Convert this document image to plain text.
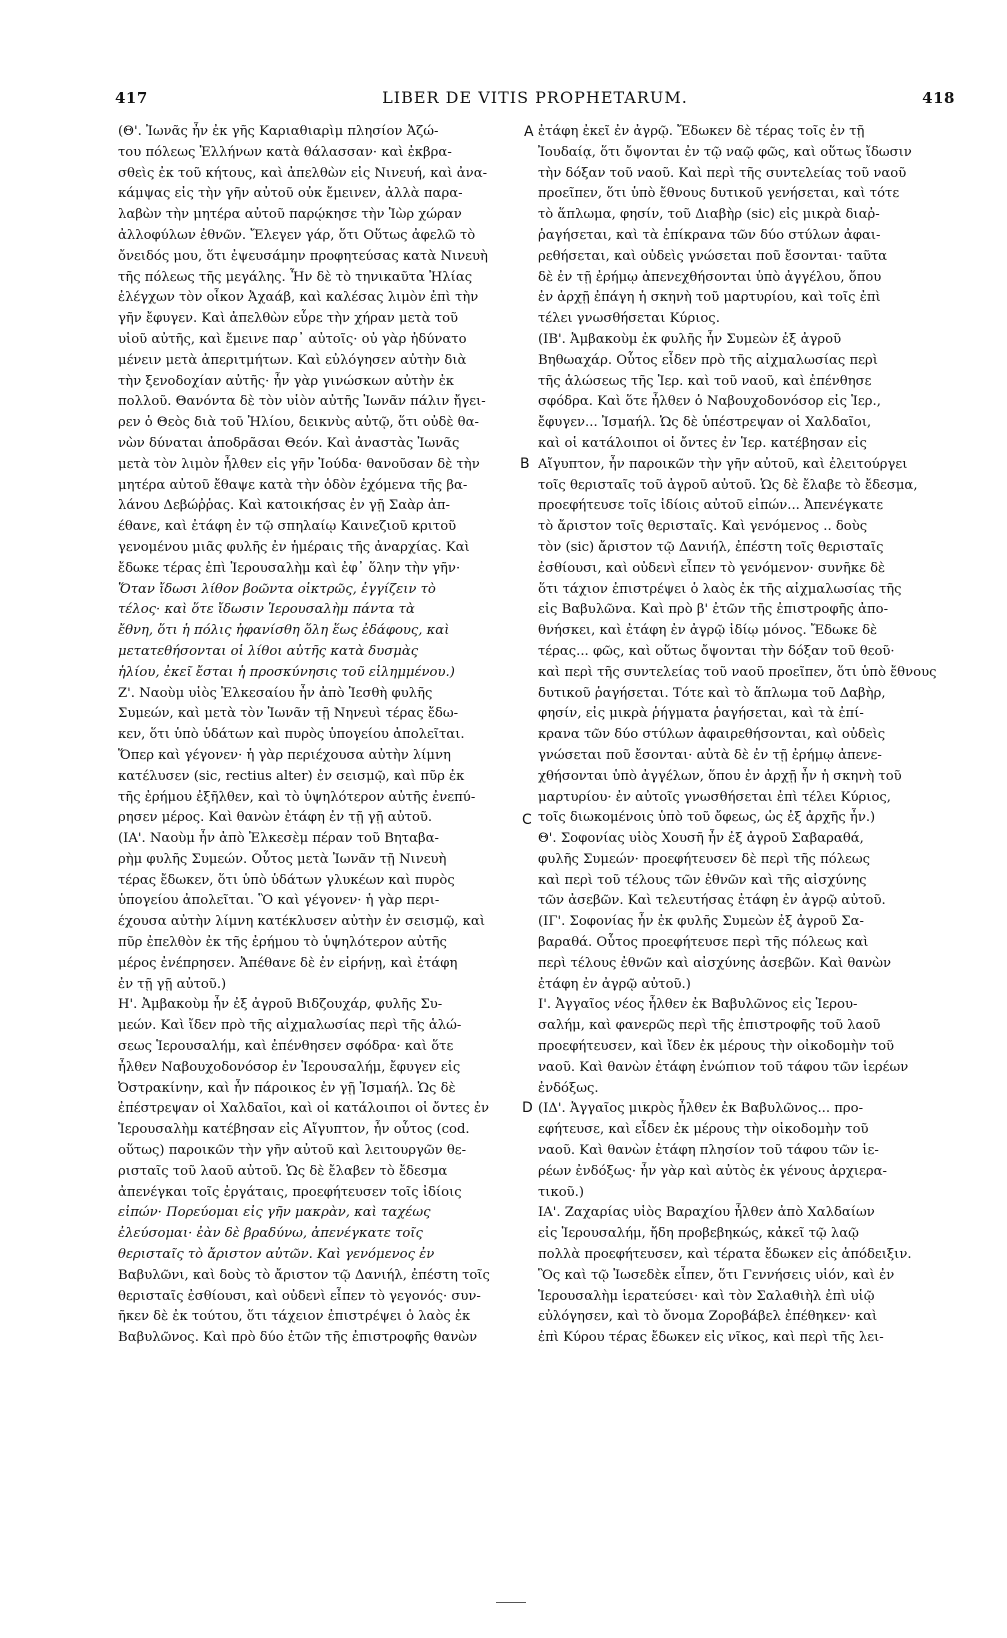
417	LIBER DE VITIS PROPHETARUM.	418
(Θ'. Ἰωνᾶς ἦν ἐκ γῆς Καριαθιαρὶμ πλησίον Ἀζώ-
του πόλεως Ἑλλήνων κατὰ θάλασσαν· καὶ ἐκβρα-
σθεὶς ἐκ τοῦ κήτους, καὶ ἀπελθὼν εἰς Νινευή, καὶ ἀνα-
κάμψας εἰς τὴν γῆν αὐτοῦ οὐκ ἔμεινεν, ἀλλὰ παρα-
λαβὼν τὴν μητέρα αὐτοῦ παρῴκησε τὴν Ἰὼρ χώραν
ἀλλοφύλων ἐθνῶν. Ἔλεγεν γάρ, ὅτι Οὕτως ἀφελῶ τὸ
ὄνειδός μου, ὅτι ἐψευσάμην προφητεύσας κατὰ Νινευὴ
τῆς πόλεως τῆς μεγάλης. Ἦν δὲ τὸ τηνικαῦτα Ἠλίας
ἐλέγχων τὸν οἶκον Ἀχαάβ, καὶ καλέσας λιμὸν ἐπὶ τὴν
γῆν ἔφυγεν. Καὶ ἀπελθὼν εὗρε τὴν χήραν μετὰ τοῦ
υἱοῦ αὐτῆς, καὶ ἔμεινε παρ᾽ αὐτοῖς· οὐ γὰρ ἠδύνατο
μένειν μετὰ ἀπεριτμήτων. Καὶ εὐλόγησεν αὐτὴν διὰ
τὴν ξενοδοχίαν αὐτῆς· ἦν γὰρ γινώσκων αὐτὴν ἐκ
πολλοῦ. Θανόντα δὲ τὸν υἱὸν αὐτῆς Ἰωνᾶν πάλιν ἤγει-
ρεν ὁ Θεὸς διὰ τοῦ Ἠλίου, δεικνὺς αὐτῷ, ὅτι οὐδὲ θα-
νὼν δύναται ἀποδρᾶσαι Θεόν. Καὶ ἀναστὰς Ἰωνᾶς
μετὰ τὸν λιμὸν ἦλθεν εἰς γῆν Ἰούδα· θανοῦσαν δὲ τὴν
μητέρα αὐτοῦ ἔθαψε κατὰ τὴν ὁδὸν ἐχόμενα τῆς βα-
λάνου Δεβώῤῥας. Καὶ κατοικήσας ἐν γῇ Σαὰρ ἀπ-
έθανε, καὶ ἐτάφη ἐν τῷ σπηλαίῳ Καινεζιοῦ κριτοῦ
γενομένου μιᾶς φυλῆς ἐν ἡμέραις τῆς ἀναρχίας. Καὶ
ἔδωκε τέρας ἐπὶ Ἱερουσαλὴμ καὶ ἐφ᾽ ὅλην τὴν γῆν·
Ὅταν ἴδωσι λίθον βοῶντα οἰκτρῶς, ἐγγίζειν τὸ
τέλος· καὶ ὅτε ἴδωσιν Ἱερουσαλὴμ πάντα τὰ
ἔθνη, ὅτι ἡ πόλις ἠφανίσθη ὅλη ἕως ἐδάφους, καὶ
μετατεθήσονται οἱ λίθοι αὐτῆς κατὰ δυσμὰς
ἡλίου, ἐκεῖ ἔσται ἡ προσκύνησις τοῦ εἰλημμένου.)
Ζ'. Ναοὺμ υἱὸς Ἐλκεσαίου ἦν ἀπὸ Ἰεσθὴ φυλῆς
Συμεών, καὶ μετὰ τὸν Ἰωνᾶν τῇ Νηνευὶ τέρας ἔδω-
κεν, ὅτι ὑπὸ ὑδάτων καὶ πυρὸς ὑπογείου ἀπολεῖται.
Ὅπερ καὶ γέγονεν· ἡ γὰρ περιέχουσα αὐτὴν λίμνη
κατέλυσεν (sic, rectius alter) ἐν σεισμῷ, καὶ πῦρ ἐκ
τῆς ἐρήμου ἐξῆλθεν, καὶ τὸ ὑψηλότερον αὐτῆς ἐνεπύ-
ρησεν μέρος. Καὶ θανὼν ἐτάφη ἐν τῇ γῇ αὐτοῦ.
(ΙΑ'. Ναοὺμ ἦν ἀπὸ Ἐλκεσὲμ πέραν τοῦ Βηταβα-
ρὴμ φυλῆς Συμεών. Οὗτος μετὰ Ἰωνᾶν τῇ Νινευὴ
τέρας ἔδωκεν, ὅτι ὑπὸ ὑδάτων γλυκέων καὶ πυρὸς
ὑπογείου ἀπολεῖται. Ὃ καὶ γέγονεν· ἡ γὰρ περι-
έχουσα αὐτὴν λίμνη κατέκλυσεν αὐτὴν ἐν σεισμῷ, καὶ
πῦρ ἐπελθὸν ἐκ τῆς ἐρήμου τὸ ὑψηλότερον αὐτῆς
μέρος ἐνέπρησεν. Ἀπέθανε δὲ ἐν εἰρήνῃ, καὶ ἐτάφη
ἐν τῇ γῇ αὐτοῦ.)
Η'. Ἀμβακοὺμ ἦν ἐξ ἀγροῦ Βιδζουχάρ, φυλῆς Συ-
μεών. Καὶ ἴδεν πρὸ τῆς αἰχμαλωσίας περὶ τῆς ἁλώ-
σεως Ἱερουσαλήμ, καὶ ἐπένθησεν σφόδρα· καὶ ὅτε
ἦλθεν Ναβουχοδονόσορ ἐν Ἱερουσαλήμ, ἔφυγεν εἰς
Ὀστρακίνην, καὶ ἦν πάροικος ἐν γῇ Ἰσμαήλ. Ὡς δὲ
ἐπέστρεψαν οἱ Χαλδαῖοι, καὶ οἱ κατάλοιποι οἱ ὄντες ἐν
Ἱερουσαλὴμ κατέβησαν εἰς Αἴγυπτον, ἦν οὗτος (cod.
οὕτως) παροικῶν τὴν γῆν αὐτοῦ καὶ λειτουργῶν θε-
ρισταῖς τοῦ λαοῦ αὐτοῦ. Ὡς δὲ ἔλαβεν τὸ ἔδεσμα
ἀπενέγκαι τοῖς ἐργάταις, προεφήτευσεν τοῖς ἰδίοις
εἰπών· Πορεύομαι εἰς γῆν μακρὰν, καὶ ταχέως
ἐλεύσομαι· ἐὰν δὲ βραδύνω, ἀπενέγκατε τοῖς
θερισταῖς τὸ ἄριστον αὐτῶν. Καὶ γενόμενος ἐν
Βαβυλῶνι, καὶ δοὺς τὸ ἄριστον τῷ Δανιήλ, ἐπέστη τοῖς
θερισταῖς ἐσθίουσι, καὶ οὐδενὶ εἶπεν τὸ γεγονός· συν-
ῆκεν δὲ ἐκ τούτου, ὅτι τάχειον ἐπιστρέψει ὁ λαὸς ἐκ
Βαβυλῶνος. Καὶ πρὸ δύο ἐτῶν τῆς ἐπιστροφῆς θανὼν
ἐτάφη ἐκεῖ ἐν ἀγρῷ. Ἔδωκεν δὲ τέρας τοῖς ἐν τῇ
Ἰουδαίᾳ, ὅτι ὄψονται ἐν τῷ ναῷ φῶς, καὶ οὕτως ἴδωσιν
τὴν δόξαν τοῦ ναοῦ. Καὶ περὶ τῆς συντελείας τοῦ ναοῦ
προεῖπεν, ὅτι ὑπὸ ἔθνους δυτικοῦ γενήσεται, καὶ τότε
τὸ ἅπλωμα, φησίν, τοῦ Διαβὴρ (sic) εἰς μικρὰ διαῤ-
ῥαγήσεται, καὶ τὰ ἐπίκρανα τῶν δύο στύλων ἀφαι-
ρεθήσεται, καὶ οὐδεὶς γνώσεται ποῦ ἔσονται· ταῦτα
δὲ ἐν τῇ ἐρήμῳ ἀπενεχθήσονται ὑπὸ ἀγγέλου, ὅπου
ἐν ἀρχῇ ἐπάγη ἡ σκηνὴ τοῦ μαρτυρίου, καὶ τοῖς ἐπὶ
τέλει γνωσθήσεται Κύριος.
(ΙΒ'. Ἀμβακοὺμ ἐκ φυλῆς ἦν Συμεὼν ἐξ ἀγροῦ
Βηθωαχάρ. Οὗτος εἶδεν πρὸ τῆς αἰχμαλωσίας περὶ
τῆς ἁλώσεως τῆς Ἱερ. καὶ τοῦ ναοῦ, καὶ ἐπένθησε
σφόδρα. Καὶ ὅτε ἦλθεν ὁ Ναβουχοδονόσορ εἰς Ἱερ.,
ἔφυγεν... Ἰσμαήλ. Ὡς δὲ ὑπέστρεψαν οἱ Χαλδαῖοι,
καὶ οἱ κατάλοιποι οἱ ὄντες ἐν Ἱερ. κατέβησαν εἰς
Αἴγυπτον, ἦν παροικῶν τὴν γῆν αὐτοῦ, καὶ ἐλειτούργει
τοῖς θερισταῖς τοῦ ἀγροῦ αὐτοῦ. Ὡς δὲ ἔλαβε τὸ ἔδεσμα,
προεφήτευσε τοῖς ἰδίοις αὐτοῦ εἰπών... Ἀπενέγκατε
τὸ ἄριστον τοῖς θερισταῖς. Καὶ γενόμενος .. δοὺς
τὸν (sic) ἄριστον τῷ Δανιήλ, ἐπέστη τοῖς θερισταῖς
ἐσθίουσι, καὶ οὐδενὶ εἶπεν τὸ γενόμενον· συνῆκε δὲ
ὅτι τάχιον ἐπιστρέψει ὁ λαὸς ἐκ τῆς αἰχμαλωσίας τῆς
εἰς Βαβυλῶνα. Καὶ πρὸ β' ἐτῶν τῆς ἐπιστροφῆς ἀπο-
θνήσκει, καὶ ἐτάφη ἐν ἀγρῷ ἰδίῳ μόνος. Ἔδωκε δὲ
τέρας... φῶς, καὶ οὕτως ὄψονται τὴν δόξαν τοῦ θεοῦ·
καὶ περὶ τῆς συντελείας τοῦ ναοῦ προεῖπεν, ὅτι ὑπὸ ἔθνους
δυτικοῦ ῥαγήσεται. Τότε καὶ τὸ ἅπλωμα τοῦ Δαβὴρ,
φησίν, εἰς μικρὰ ῥήγματα ῥαγήσεται, καὶ τὰ ἐπί-
κρανα τῶν δύο στύλων ἀφαιρεθήσονται, καὶ οὐδεὶς
γνώσεται ποῦ ἔσονται· αὐτὰ δὲ ἐν τῇ ἐρήμῳ ἀπενε-
χθήσονται ὑπὸ ἀγγέλων, ὅπου ἐν ἀρχῇ ἦν ἡ σκηνὴ τοῦ
μαρτυρίου· ἐν αὐτοῖς γνωσθήσεται ἐπὶ τέλει Κύριος,
τοῖς διωκομένοις ὑπὸ τοῦ ὄφεως, ὡς ἐξ ἀρχῆς ἦν.)
Θ'. Σοφονίας υἱὸς Χουσῆ ἦν ἐξ ἀγροῦ Σαβαραθά,
φυλῆς Συμεών· προεφήτευσεν δὲ περὶ τῆς πόλεως
καὶ περὶ τοῦ τέλους τῶν ἐθνῶν καὶ τῆς αἰσχύνης
τῶν ἀσεβῶν. Καὶ τελευτήσας ἐτάφη ἐν ἀγρῷ αὐτοῦ.
(ΙΓ'. Σοφονίας ἦν ἐκ φυλῆς Συμεὼν ἐξ ἀγροῦ Σα-
βαραθά. Οὗτος προεφήτευσε περὶ τῆς πόλεως καὶ
περὶ τέλους ἐθνῶν καὶ αἰσχύνης ἀσεβῶν. Καὶ θανὼν
ἐτάφη ἐν ἀγρῷ αὐτοῦ.)
Ι'. Ἀγγαῖος νέος ἦλθεν ἐκ Βαβυλῶνος εἰς Ἱερου-
σαλήμ, καὶ φανερῶς περὶ τῆς ἐπιστροφῆς τοῦ λαοῦ
προεφήτευσεν, καὶ ἴδεν ἐκ μέρους τὴν οἰκοδομὴν τοῦ
ναοῦ. Καὶ θανὼν ἐτάφη ἐνώπιον τοῦ τάφου τῶν ἱερέων
ἐνδόξως.
(ΙΔ'. Ἀγγαῖος μικρὸς ἦλθεν ἐκ Βαβυλῶνος... προ-
εφήτευσε, καὶ εἶδεν ἐκ μέρους τὴν οἰκοδομὴν τοῦ
ναοῦ. Καὶ θανὼν ἐτάφη πλησίον τοῦ τάφου τῶν ἱε-
ρέων ἐνδόξως· ἦν γὰρ καὶ αὐτὸς ἐκ γένους ἀρχιερα-
τικοῦ.)
ΙΑ'. Ζαχαρίας υἱὸς Βαραχίου ἦλθεν ἀπὸ Χαλδαίων
εἰς Ἱερουσαλήμ, ἤδη προβεβηκώς, κἀκεῖ τῷ λαῷ
πολλὰ προεφήτευσεν, καὶ τέρατα ἔδωκεν εἰς ἀπόδειξιν.
Ὃς καὶ τῷ Ἰωσεδὲκ εἶπεν, ὅτι Γεννήσεις υἱόν, καὶ ἐν
Ἱερουσαλὴμ ἱερατεύσει· καὶ τὸν Σαλαθιὴλ ἐπὶ υἱῷ
εὐλόγησεν, καὶ τὸ ὄνομα Ζοροβάβελ ἐπέθηκεν· καὶ
ἐπὶ Κύρου τέρας ἔδωκεν εἰς νῖκος, καὶ περὶ τῆς λει-
A
B
C
D
